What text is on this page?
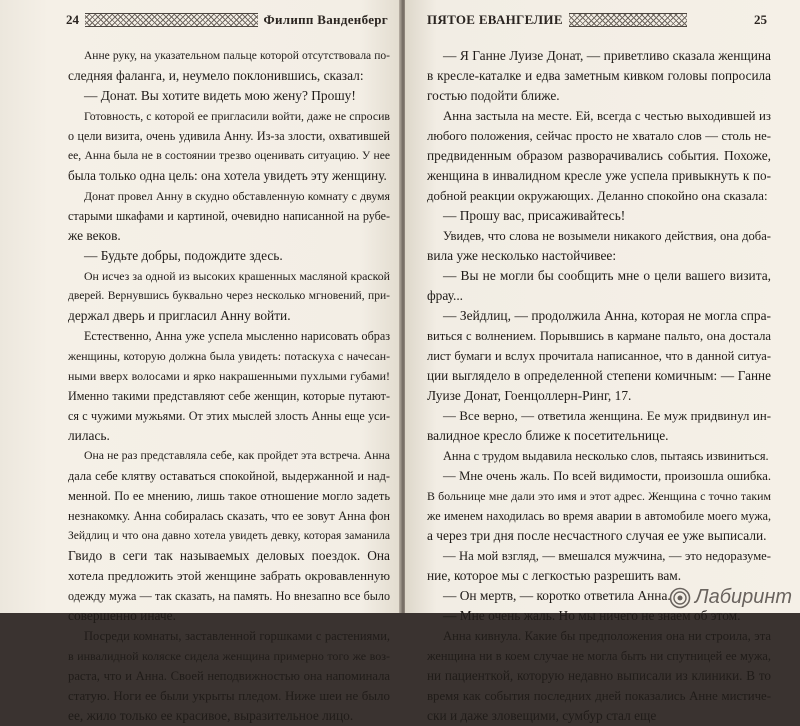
24	Филипп Ванденберг
Анне руку, на указательном пальце которой отсутствовала по-
следняя фаланга, и, неумело поклонившись, сказал:
— Донат. Вы хотите видеть мою жену? Прошу!
Готовность, с которой ее пригласили войти, даже не спросив
о цели визита, очень удивила Анну. Из-за злости, охватившей
ее, Анна была не в состоянии трезво оценивать ситуацию. У нее
была только одна цель: она хотела увидеть эту женщину.
Донат провел Анну в скудно обставленную комнату с двумя
старыми шкафами и картиной, очевидно написанной на рубе-
же веков.
— Будьте добры, подождите здесь.
Он исчез за одной из высоких крашенных масляной краской
дверей. Вернувшись буквально через несколько мгновений, при-
держал дверь и пригласил Анну войти.
Естественно, Анна уже успела мысленно нарисовать образ
женщины, которую должна была увидеть: потаскуха с начесан-
ными вверх волосами и ярко накрашенными пухлыми губами!
Именно такими представляют себе женщин, которые путают-
ся с чужими мужьями. От этих мыслей злость Анны еще уси-
лилась.
Она не раз представляла себе, как пройдет эта встреча. Анна
дала себе клятву оставаться спокойной, выдержанной и над-
менной. По ее мнению, лишь такое отношение могло задеть
незнакомку. Анна собиралась сказать, что ее зовут Анна фон
Зейдлиц и что она давно хотела увидеть девку, которая заманила
Гвидо в сеги так называемых деловых поездок. Она
хотела предложить этой женщине забрать окровавленную
одежду мужа — так сказать, на память. Но внезапно все было
совершенно иначе.
Посреди комнаты, заставленной горшками с растениями,
в инвалидной коляске сидела женщина примерно того же воз-
раста, что и Анна. Своей неподвижностью она напоминала
статую. Ноги ее были укрыты пледом. Ниже шеи не было
ее, жило только ее красивое, выразительное лицо.
ПЯТОЕ ЕВАНГЕЛИЕ	25
— Я Ганне Луизе Донат, — приветливо сказала женщина
в кресле-каталке и едва заметным кивком головы попросила
гостью подойти ближе.
Анна застыла на месте. Ей, всегда с честью выходившей из
любого положения, сейчас просто не хватало слов — столь не-
предвиденным образом разворачивались события. Похоже,
женщина в инвалидном кресле уже успела привыкнуть к по-
добной реакции окружающих. Деланно спокойно она сказала:
— Прошу вас, присаживайтесь!
Увидев, что слова не возымели никакого действия, она доба-
вила уже несколько настойчивее:
— Вы не могли бы сообщить мне о цели вашего визита,
фрау...
— Зейдлиц, — продолжила Анна, которая не могла спра-
виться с волнением. Порывшись в кармане пальто, она достала
лист бумаги и вслух прочитала написанное, что в данной ситуа-
ции выглядело в определенной степени комичным: — Ганне
Луизе Донат, Гоенцоллерн-Ринг, 17.
— Все верно, — ответила женщина. Ее муж придвинул ин-
валидное кресло ближе к посетительнице.
Анна с трудом выдавила несколько слов, пытаясь извиниться.
— Мне очень жаль. По всей видимости, произошла ошибка.
В больнице мне дали это имя и этот адрес. Женщина с точно таким
же именем находилась во время аварии в автомобиле моего мужа,
а через три дня после несчастного случая ее уже выписали.
— На мой взгляд, — вмешался мужчина, — это недоразуме-
ние, которое мы с легкостью разрешить вам.
— Он мертв, — коротко ответила Анна.
— Мне очень жаль. Но мы ничего не знаем об этом.
Анна кивнула. Какие бы предположения она ни строила, эта
женщина ни в коем случае не могла быть ни спутницей ее мужа,
ни пациенткой, которую недавно выписали из клиники. В то
время как события последних дней показались Анне мистиче-
ски и даже зловещими, сумбур стал еще
Лабиринт
